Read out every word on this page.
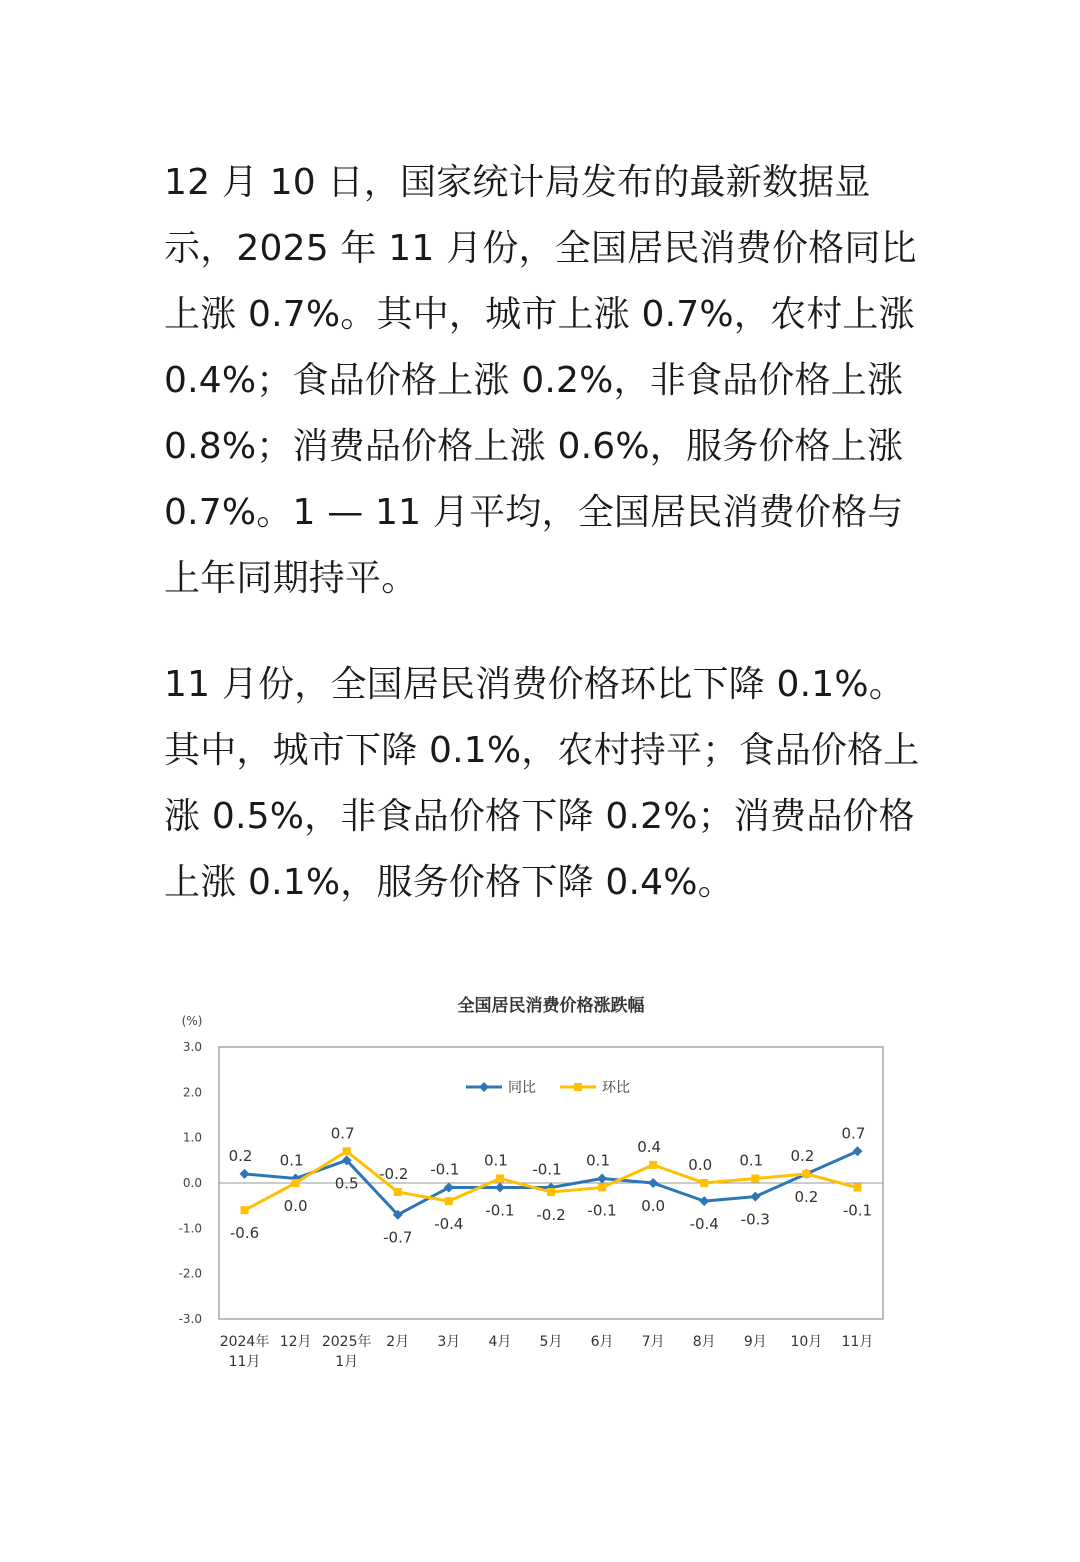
12 月 10 日，国家统计局发布的最新数据显示，2025 年 11 月份，全国居民消费价格同比上涨 0.7%。其中，城市上涨 0.7%，农村上涨 0.4%；食品价格上涨 0.2%，非食品价格上涨 0.8%；消费品价格上涨 0.6%，服务价格上涨 0.7%。1 — 11 月平均，全国居民消费价格与上年同期持平。

11 月份，全国居民消费价格环比下降 0.1%。其中，城市下降 0.1%，农村持平；食品价格上涨 0.5%，非食品价格下降 0.2%；消费品价格上涨 0.1%，服务价格下降 0.4%。

全国居民消费价格涨跌幅
(%)
3.0
2.0
1.0
0.0
-1.0
-2.0
-3.0
2024年
11月
12月 2025年
1月
2月 3月 4月 5月 6月 7月 8月 9月 10月 11月
0.2
-0.6
0.1
0.0
0.5
0.7
-0.7
-0.2 -0.1
-0.4
-0.1
0.1
-0.1
-0.2
0.1
-0.1 0.0
0.4
-0.4
0.0
-0.3
0.1 0.2
0.2
0.7
-0.1
同比	环比
